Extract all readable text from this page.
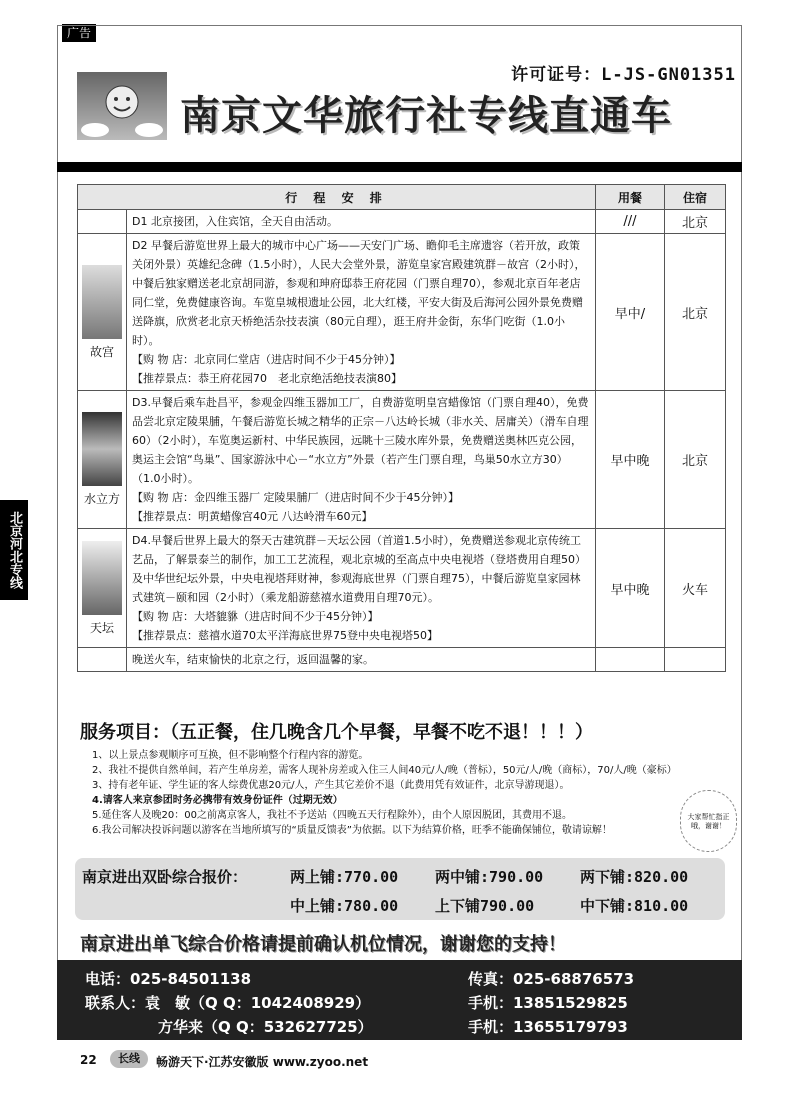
广告
许可证号：L-JS-GN01351
南京文华旅行社专线直通车
行 程 安 排		用餐	住宿
	D1 北京接团，入住宾馆，全天自由活动。	///	北京

故宫	D2 早餐后游览世界上最大的城市中心广场——天安门广场、瞻仰毛主席遗容（若开放，政策关闭外景）英雄纪念碑（1.5小时），人民大会堂外景，游览皇家宫殿建筑群－故宫（2小时），中餐后独家赠送老北京胡同游，参观和珅府邸恭王府花园（门票自理70），参观北京百年老店同仁堂，免费健康咨询。车览皇城根遗址公园，北大红楼，平安大街及后海河公园外景免费赠送降旗，欣赏老北京天桥绝活杂技表演（80元自理），逛王府井金街，东华门吃街（1.0小时）。
【购 物 店：北京同仁堂店（进店时间不少于45分钟）】
【推荐景点：恭王府花园70　老北京绝活绝技表演80】	早中/	北京

水立方	D3.早餐后乘车赴昌平，参观金四维玉器加工厂，自费游览明皇宫蜡像馆（门票自理40），免费品尝北京定陵果脯，午餐后游览长城之精华的正宗－八达岭长城（非水关、居庸关）（滑车自理60）（2小时），车览奥运新村、中华民族园，远眺十三陵水库外景，免费赠送奥林匹克公园，奥运主会馆“鸟巢”、国家游泳中心－“水立方”外景（若产生门票自理，鸟巢50水立方30）（1.0小时）。
【购 物 店：金四维玉器厂 定陵果脯厂（进店时间不少于45分钟）】
【推荐景点：明黄蜡像宫40元 八达岭滑车60元】	早中晚	北京

天坛	D4.早餐后世界上最大的祭天古建筑群－天坛公园（首道1.5小时），免费赠送参观北京传统工艺品，了解景泰兰的制作，加工工艺流程，观北京城的至高点中央电视塔（登塔费用自理50）及中华世纪坛外景，中央电视塔拜财神，参观海底世界（门票自理75），中餐后游览皇家园林式建筑－颐和园（2小时）（乘龙船游慈禧水道费用自理70元）。
【购 物 店：大塔貔貅（进店时间不少于45分钟）】
【推荐景点：慈禧水道70太平洋海底世界75登中央电视塔50】	早中晚	火车
	晚送火车，结束愉快的北京之行，返回温馨的家。		
服务项目：（五正餐，住几晚含几个早餐，早餐不吃不退！！！）
1、以上景点参观顺序可互换，但不影响整个行程内容的游览。
2、我社不提供自然单间，若产生单房差，需客人现补房差或入住三人间40元/人/晚（普标），50元/人/晚（商标），70/人/晚（豪标）
3、持有老年证、学生证的客人综费优惠20元/人，产生其它差价不退（此费用凭有效证件，北京导游现退）。
4.请客人来京参团时务必携带有效身份证件（过期无效）
5.延住客人及晚20：00之前离京客人，我社不予送站（四晚五天行程除外），由个人原因脱团，其费用不退。
6.我公司解决投诉问题以游客在当地所填写的“质量反馈表”为依据。以下为结算价格，旺季不能确保铺位，敬请谅解！
大家帮忙指正哦，谢谢！
南京进出双卧综合报价：	两上铺:770.00 两中铺:790.00 两下铺:820.00
中上铺:780.00 上下铺790.00	中下铺:810.00
南京进出单飞综合价格请提前确认机位情况，谢谢您的支持！
电话：025-84501138	传真：025-68876573
联系人：袁　敏（Q Q：1042408929）	手机：13851529825
方华来（Q Q：532627725）	手机：13655179793
北京河北专线
22	长线	畅游天下·江苏安徽版 www.zyoo.net
